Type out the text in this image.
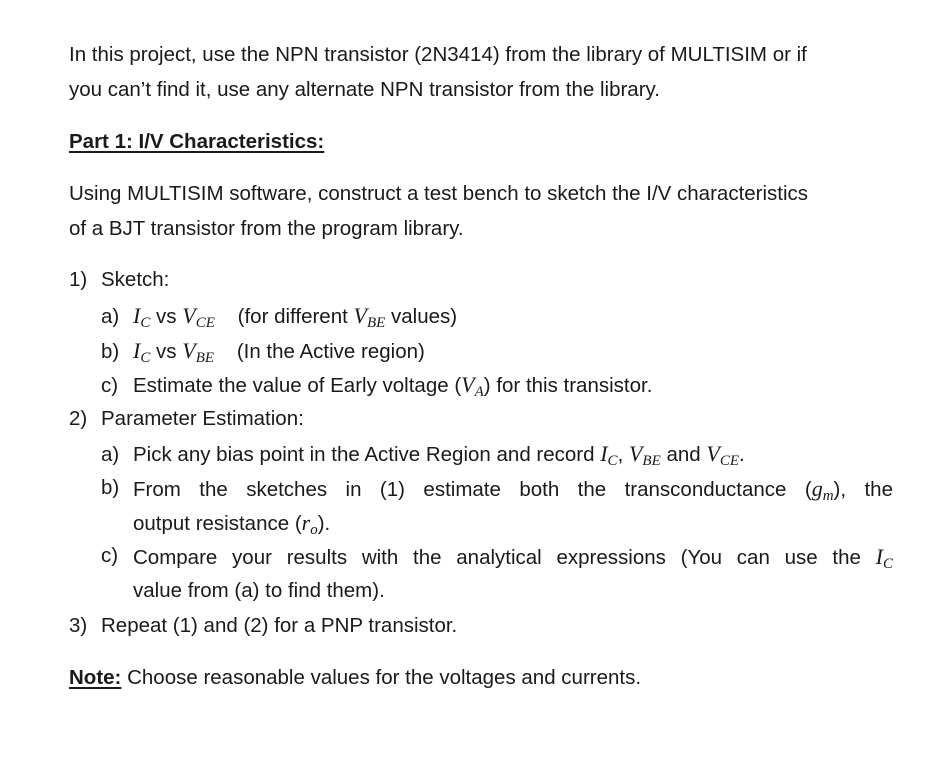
In this project, use the NPN transistor (2N3414) from the library of MULTISIM or if
you can’t find it, use any alternate NPN transistor from the library.
Part 1: I/V Characteristics:
Using MULTISIM software, construct a test bench to sketch the I/V characteristics
of a BJT transistor from the program library.
1) Sketch:
a) $I_C$ vs $V_{CE}$    (for different $V_{BE}$ values)
b) $I_C$ vs $V_{BE}$    (In the Active region)
c) Estimate the value of Early voltage $(V_A)$ for this transistor.
2) Parameter Estimation:
a) Pick any bias point in the Active Region and record $I_C$, $V_{BE}$ and $V_{CE}$.
b) From the sketches in (1) estimate both the transconductance $(g_m)$, the
output resistance $(r_o)$.
c) Compare your results with the analytical expressions (You can use the $I_C$
value from (a) to find them).
3) Repeat (1) and (2) for a PNP transistor.
Note: Choose reasonable values for the voltages and currents.
